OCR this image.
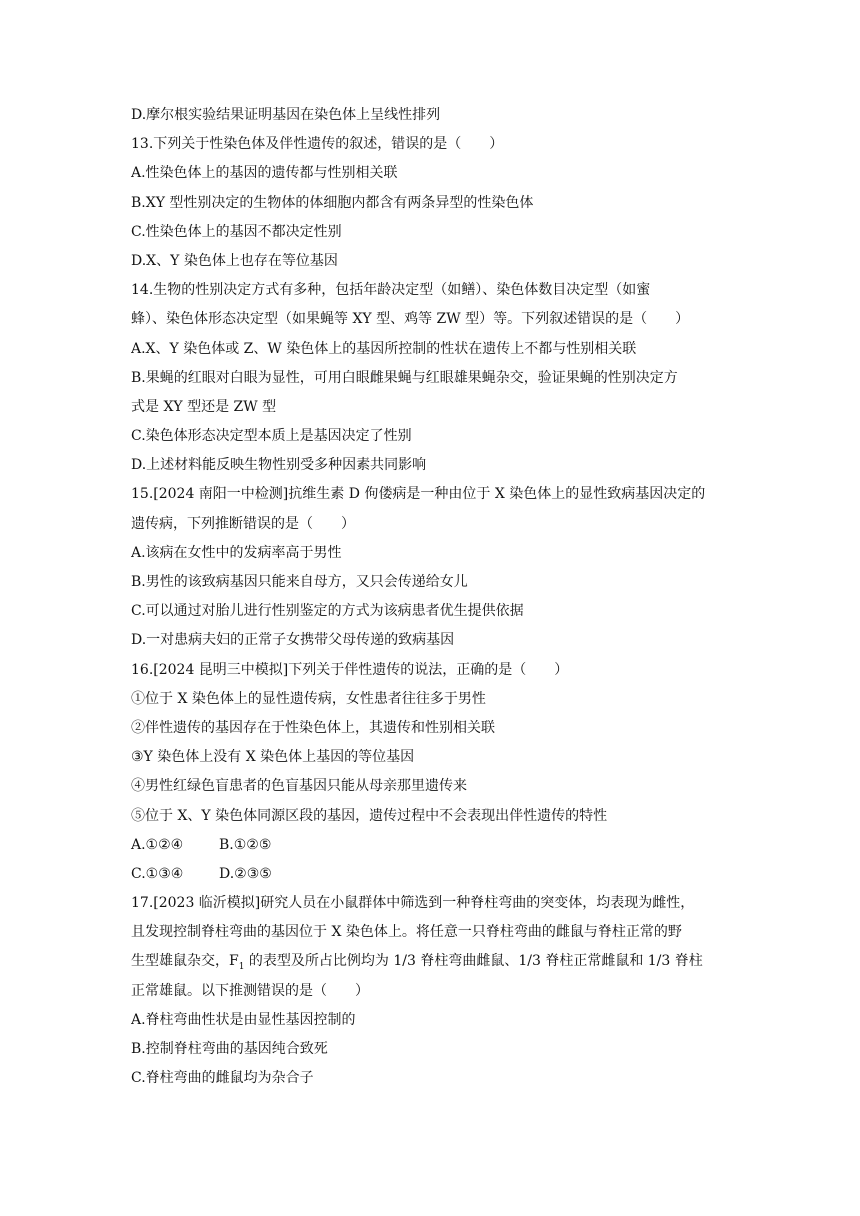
D.摩尔根实验结果证明基因在染色体上呈线性排列
13.下列关于性染色体及伴性遗传的叙述，错误的是（　　）
A.性染色体上的基因的遗传都与性别相关联
B.XY 型性别决定的生物体的体细胞内都含有两条异型的性染色体
C.性染色体上的基因不都决定性别
D.X、Y 染色体上也存在等位基因
14.生物的性别决定方式有多种，包括年龄决定型（如鳝）、染色体数目决定型（如蜜
蜂）、染色体形态决定型（如果蝇等 XY 型、鸡等 ZW 型）等。下列叙述错误的是（　　）
A.X、Y 染色体或 Z、W 染色体上的基因所控制的性状在遗传上不都与性别相关联
B.果蝇的红眼对白眼为显性，可用白眼雌果蝇与红眼雄果蝇杂交，验证果蝇的性别决定方
式是 XY 型还是 ZW 型
C.染色体形态决定型本质上是基因决定了性别
D.上述材料能反映生物性别受多种因素共同影响
15.[2024 南阳一中检测]抗维生素 D 佝偻病是一种由位于 X 染色体上的显性致病基因决定的
遗传病，下列推断错误的是（　　）
A.该病在女性中的发病率高于男性
B.男性的该致病基因只能来自母方，又只会传递给女儿
C.可以通过对胎儿进行性别鉴定的方式为该病患者优生提供依据
D.一对患病夫妇的正常子女携带父母传递的致病基因
16.[2024 昆明三中模拟]下列关于伴性遗传的说法，正确的是（　　）
①位于 X 染色体上的显性遗传病，女性患者往往多于男性
②伴性遗传的基因存在于性染色体上，其遗传和性别相关联
③Y 染色体上没有 X 染色体上基因的等位基因
④男性红绿色盲患者的色盲基因只能从母亲那里遗传来
⑤位于 X、Y 染色体同源区段的基因，遗传过程中不会表现出伴性遗传的特性
A.①②④	B.①②⑤
C.①③④	D.②③⑤
17.[2023 临沂模拟]研究人员在小鼠群体中筛选到一种脊柱弯曲的突变体，均表现为雌性，
且发现控制脊柱弯曲的基因位于 X 染色体上。将任意一只脊柱弯曲的雌鼠与脊柱正常的野
生型雄鼠杂交，$F_1$ 的表型及所占比例均为 1/3 脊柱弯曲雌鼠、1/3 脊柱正常雌鼠和 1/3 脊柱
正常雄鼠。以下推测错误的是（　　）
A.脊柱弯曲性状是由显性基因控制的
B.控制脊柱弯曲的基因纯合致死
C.脊柱弯曲的雌鼠均为杂合子
